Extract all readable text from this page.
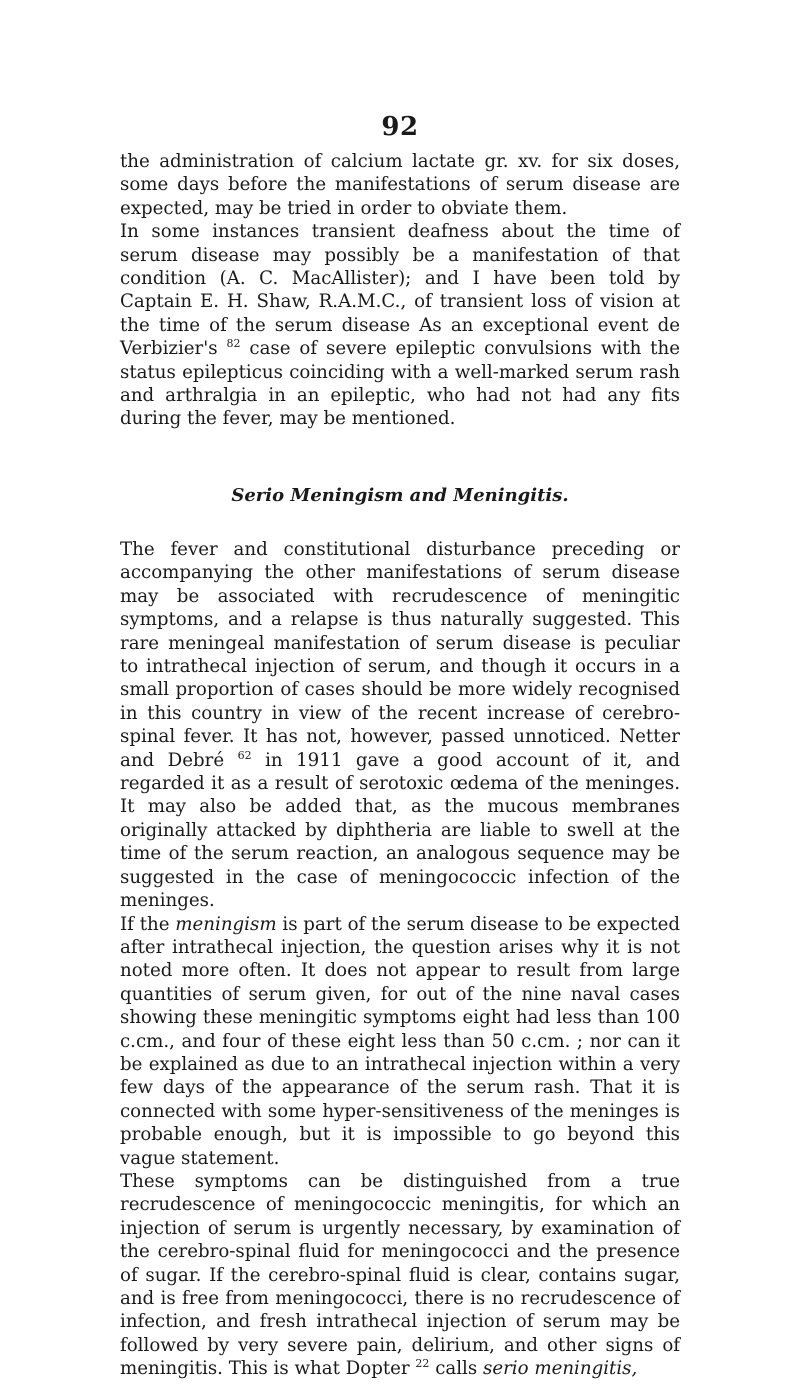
92

the administration of calcium lactate gr. xv. for six doses, some days before the manifestations of serum disease are expected, may be tried in order to obviate them.

In some instances transient deafness about the time of serum disease may possibly be a manifestation of that condition (A. C. MacAllister); and I have been told by Captain E. H. Shaw, R.A.M.C., of transient loss of vision at the time of the serum disease As an exceptional event de Verbizier's $^{82}$ case of severe epileptic convulsions with the status epilepticus coinciding with a well-marked serum rash and arthralgia in an epileptic, who had not had any fits during the fever, may be mentioned.

Serio Meningism and Meningitis.

The fever and constitutional disturbance preceding or accompanying the other manifestations of serum disease may be associated with recrudescence of meningitic symptoms, and a relapse is thus naturally suggested. This rare meningeal manifestation of serum disease is peculiar to intrathecal injection of serum, and though it occurs in a small proportion of cases should be more widely recognised in this country in view of the recent increase of cerebro-spinal fever. It has not, however, passed unnoticed. Netter and Debré $^{62}$ in 1911 gave a good account of it, and regarded it as a result of serotoxic œdema of the meninges. It may also be added that, as the mucous membranes originally attacked by diphtheria are liable to swell at the time of the serum reaction, an analogous sequence may be suggested in the case of meningococcic infection of the meninges.

If the meningism is part of the serum disease to be expected after intrathecal injection, the question arises why it is not noted more often. It does not appear to result from large quantities of serum given, for out of the nine naval cases showing these meningitic symptoms eight had less than 100 c.cm., and four of these eight less than 50 c.cm. ; nor can it be explained as due to an intrathecal injection within a very few days of the appearance of the serum rash. That it is connected with some hyper-sensitiveness of the meninges is probable enough, but it is impossible to go beyond this vague statement.

These symptoms can be distinguished from a true recrudescence of meningococcic meningitis, for which an injection of serum is urgently necessary, by examination of the cerebro-spinal fluid for meningococci and the presence of sugar. If the cerebro-spinal fluid is clear, contains sugar, and is free from meningococci, there is no recrudescence of infection, and fresh intrathecal injection of serum may be followed by very severe pain, delirium, and other signs of meningitis. This is what Dopter $^{22}$ calls serio meningitis,
